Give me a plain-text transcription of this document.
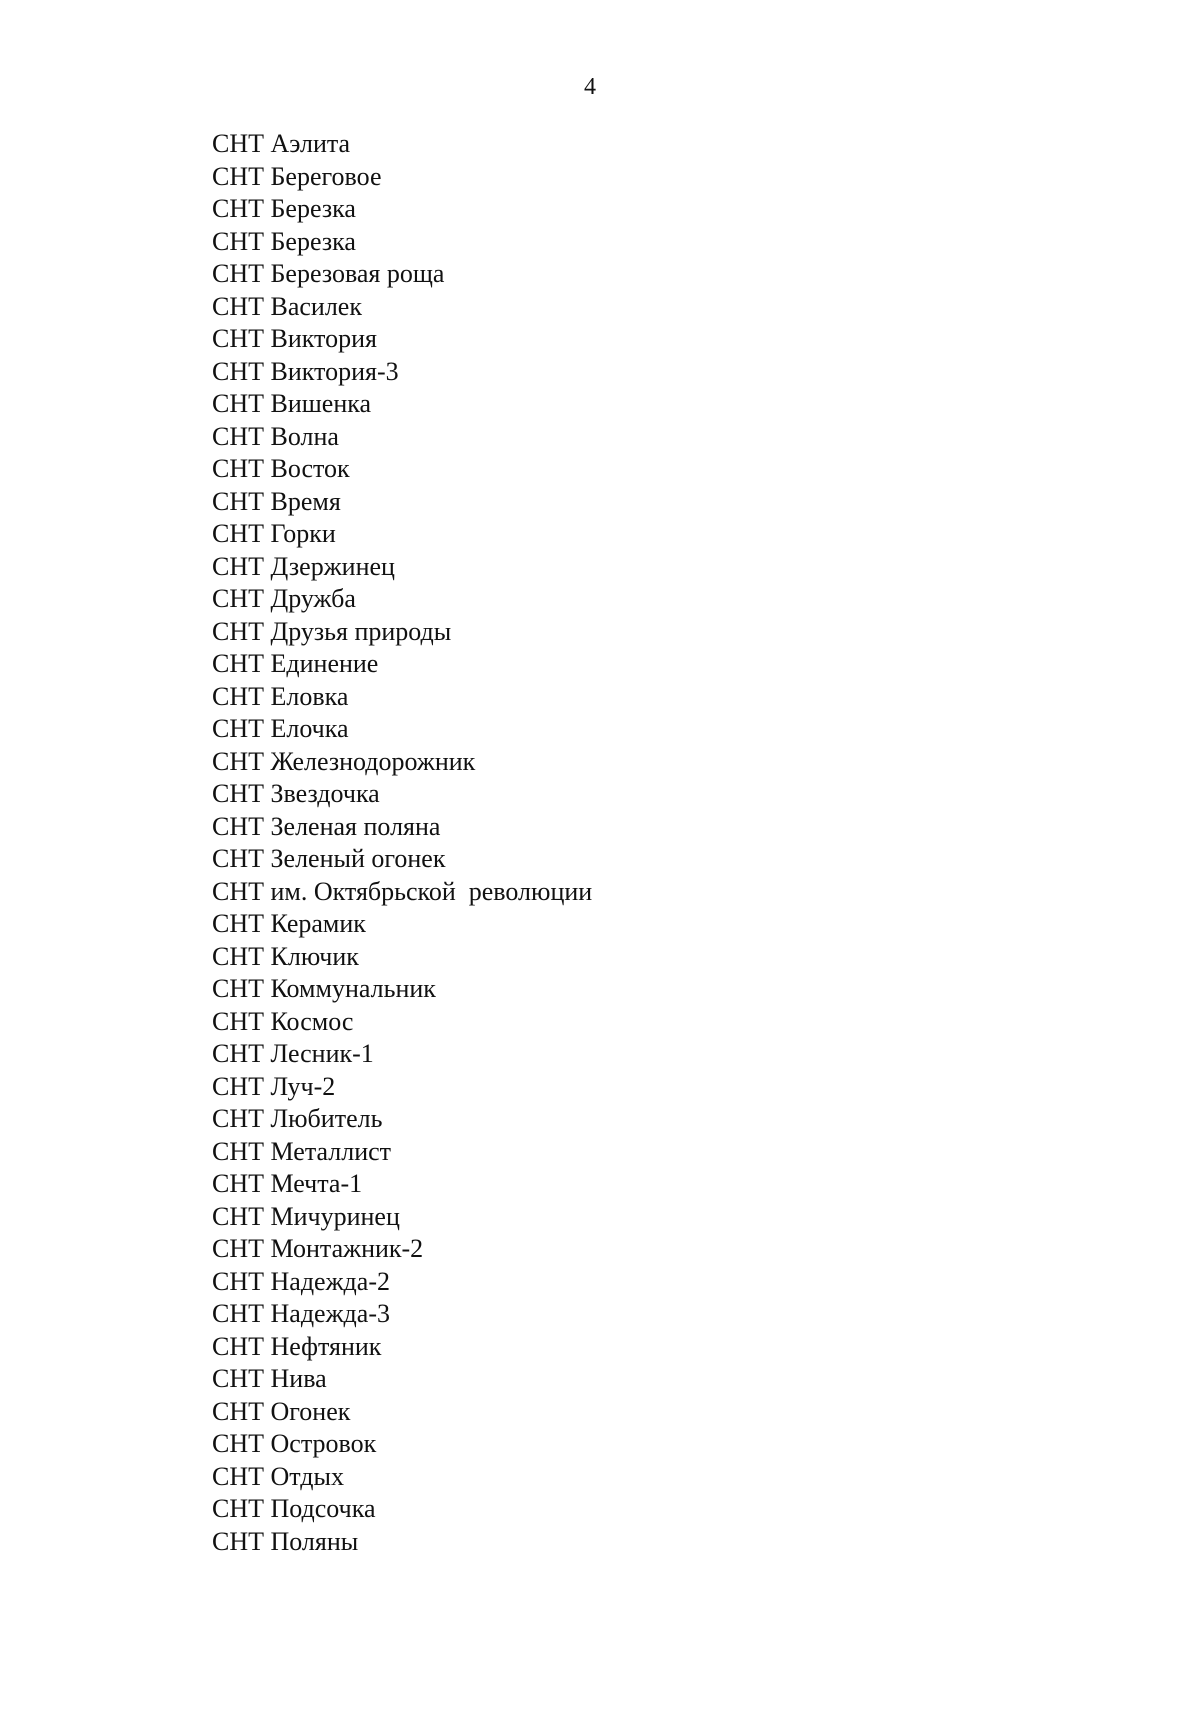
4
СНТ Аэлита
СНТ Береговое
СНТ Березка
СНТ Березка
СНТ Березовая роща
СНТ Василек
СНТ Виктория
СНТ Виктория-3
СНТ Вишенка
СНТ Волна
СНТ Восток
СНТ Время
СНТ Горки
СНТ Дзержинец
СНТ Дружба
СНТ Друзья природы
СНТ Единение
СНТ Еловка
СНТ Елочка
СНТ Железнодорожник
СНТ Звездочка
СНТ Зеленая поляна
СНТ Зеленый огонек
СНТ им. Октябрьской  революции
СНТ Керамик
СНТ Ключик
СНТ Коммунальник
СНТ Космос
СНТ Лесник-1
СНТ Луч-2
СНТ Любитель
СНТ Металлист
СНТ Мечта-1
СНТ Мичуринец
СНТ Монтажник-2
СНТ Надежда-2
СНТ Надежда-3
СНТ Нефтяник
СНТ Нива
СНТ Огонек
СНТ Островок
СНТ Отдых
СНТ Подсочка
СНТ Поляны
